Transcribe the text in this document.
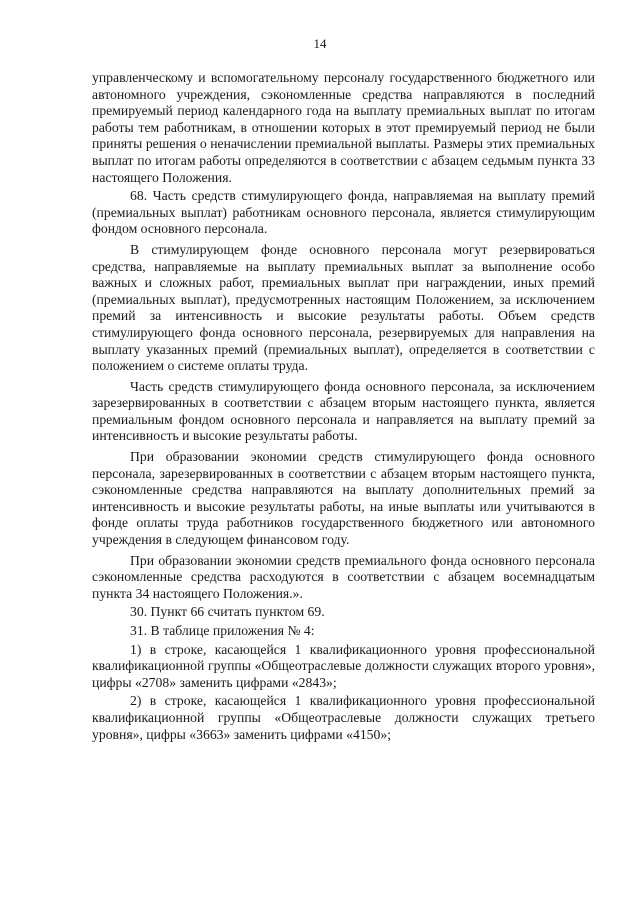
14

управленческому и вспомогательному персоналу государственного бюджетного или автономного учреждения, сэкономленные средства направляются в последний премируемый период календарного года на выплату премиальных выплат по итогам работы тем работникам, в отношении которых в этот премируемый период не были приняты решения о неначислении премиальной выплаты. Размеры этих премиальных выплат по итогам работы определяются в соответствии с абзацем седьмым пункта 33 настоящего Положения.

68. Часть средств стимулирующего фонда, направляемая на выплату премий (премиальных выплат) работникам основного персонала, является стимулирующим фондом основного персонала.

В стимулирующем фонде основного персонала могут резервироваться средства, направляемые на выплату премиальных выплат за выполнение особо важных и сложных работ, премиальных выплат при награждении, иных премий (премиальных выплат), предусмотренных настоящим Положением, за исключением премий за интенсивность и высокие результаты работы. Объем средств стимулирующего фонда основного персонала, резервируемых для направления на выплату указанных премий (премиальных выплат), определяется в соответствии с положением о системе оплаты труда.

Часть средств стимулирующего фонда основного персонала, за исключением зарезервированных в соответствии с абзацем вторым настоящего пункта, является премиальным фондом основного персонала и направляется на выплату премий за интенсивность и высокие результаты работы.

При образовании экономии средств стимулирующего фонда основного персонала, зарезервированных в соответствии с абзацем вторым настоящего пункта, сэкономленные средства направляются на выплату дополнительных премий за интенсивность и высокие результаты работы, на иные выплаты или учитываются в фонде оплаты труда работников государственного бюджетного или автономного учреждения в следующем финансовом году.

При образовании экономии средств премиального фонда основного персонала сэкономленные средства расходуются в соответствии с абзацем восемнадцатым пункта 34 настоящего Положения.».

30. Пункт 66 считать пунктом 69.

31. В таблице приложения № 4:

1) в строке, касающейся 1 квалификационного уровня профессиональной квалификационной группы «Общеотраслевые должности служащих второго уровня», цифры «2708» заменить цифрами «2843»;

2) в строке, касающейся 1 квалификационного уровня профессиональной квалификационной группы «Общеотраслевые должности служащих третьего уровня», цифры «3663» заменить цифрами «4150»;
